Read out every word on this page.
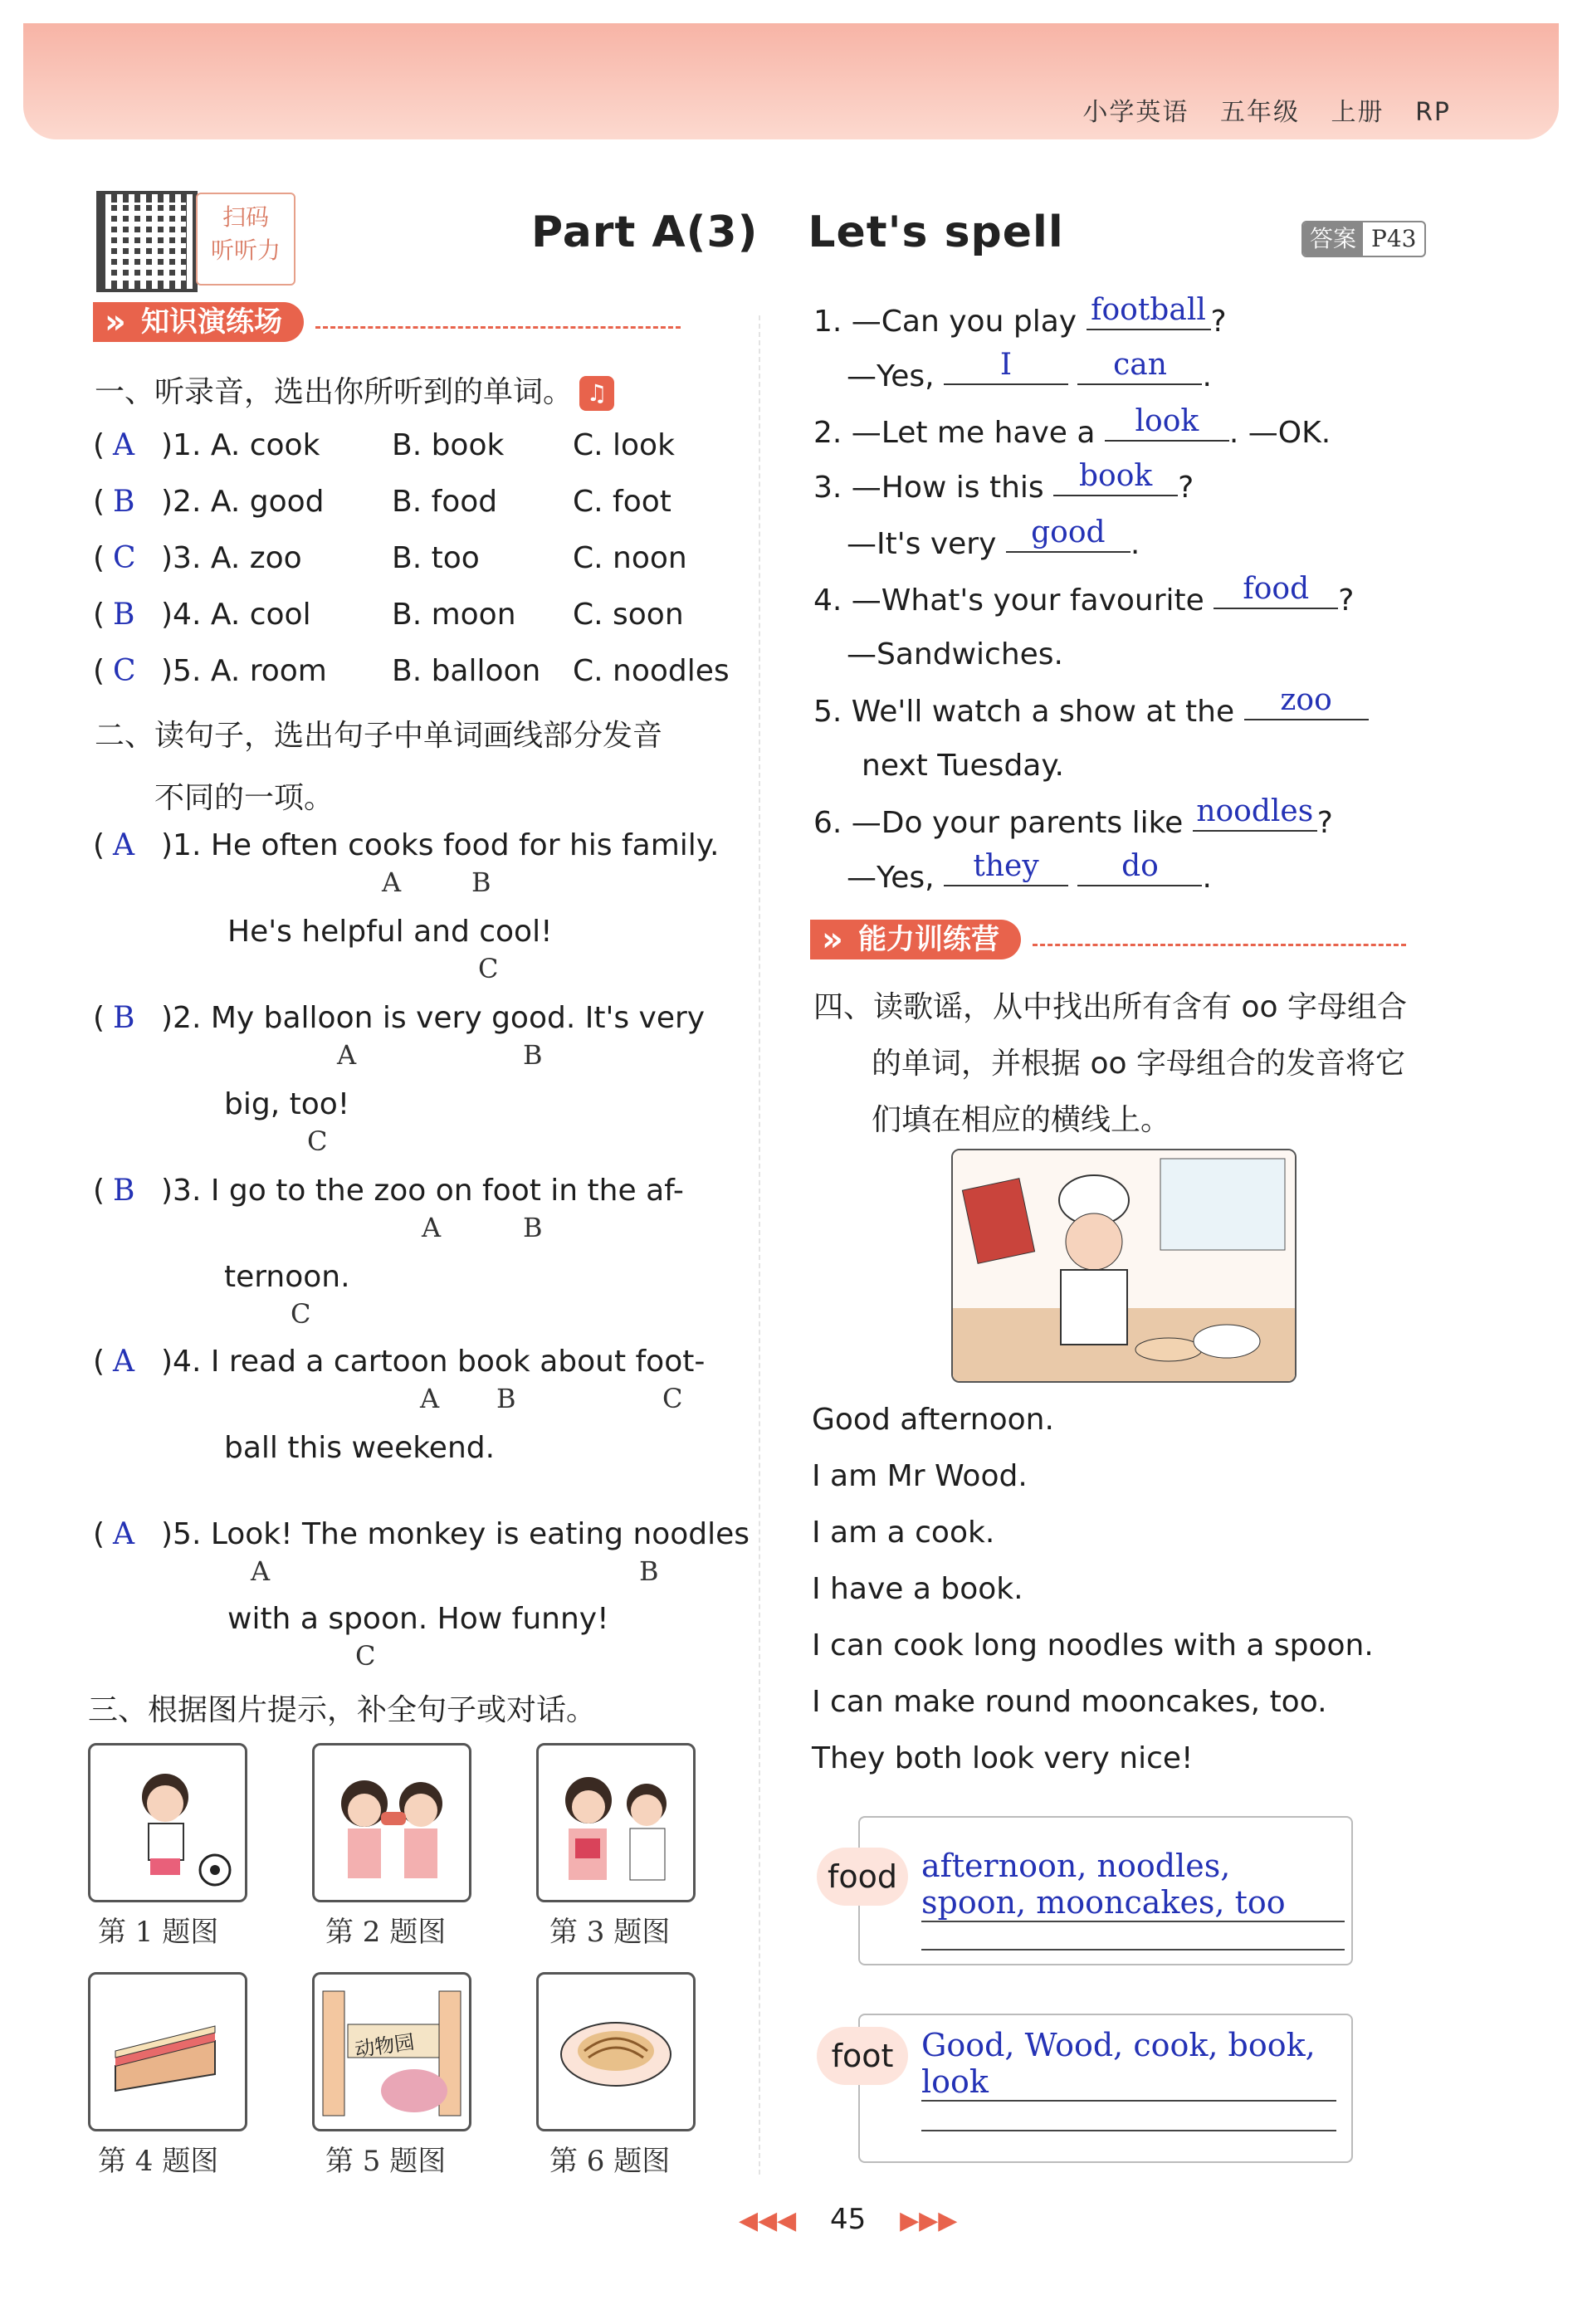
小学英语 五年级 上册 RP
扫码
听听力	Part A(3) Let's spell	答案 P43
» 知识演练场
一、听录音，选出你所听到的单词。 ♫
( A )1. A. cook B. book C. look
( B )2. A. good B. food	C. foot
( C )3. A. zoo	B. too	C. noon
( B )4. A. cool	B. moon C. soon
( C )5. A. room B. balloon C. noodles
二、读句子，选出句子中单词画线部分发音
不同的一项。
( A )1. He often cooks food for his family.
A	B
He's helpful and cool!
C
( B )2. My balloon is very good. It's very
A	B
big, too!
C
( B )3. I go to the zoo on foot in the af-
A	B
ternoon.
C
( A )4. I read a cartoon book about foot-
A B	C
ball this weekend.
( A )5. Look! The monkey is eating noodles
A	B
with a spoon. How funny!
C
三、根据图片提示，补全句子或对话。
第 1 题图	第 2 题图	第 3 题图
动物园
第 4 题图	第 5 题图	第 6 题图
1. —Can you play football ?
—Yes, I	can .
2. —Let me have a look . —OK.
3. —How is this book ?
—It's very good .
4. —What's your favourite food ?
—Sandwiches.
5. We'll watch a show at the zoo
next Tuesday.
6. —Do your parents like noodles ?
—Yes, they	do .
» 能力训练营
四、读歌谣，从中找出所有含有 oo 字母组合
的单词，并根据 oo 字母组合的发音将它
们填在相应的横线上。
Good afternoon.
I am Mr Wood.
I am a cook.
I have a book.
I can cook long noodles with a spoon.
I can make round mooncakes, too.
They both look very nice!
food afternoon, noodles, spoon, mooncakes, too
foot Good, Wood, cook, book, look
◀◀◀ 45 ▶▶▶
